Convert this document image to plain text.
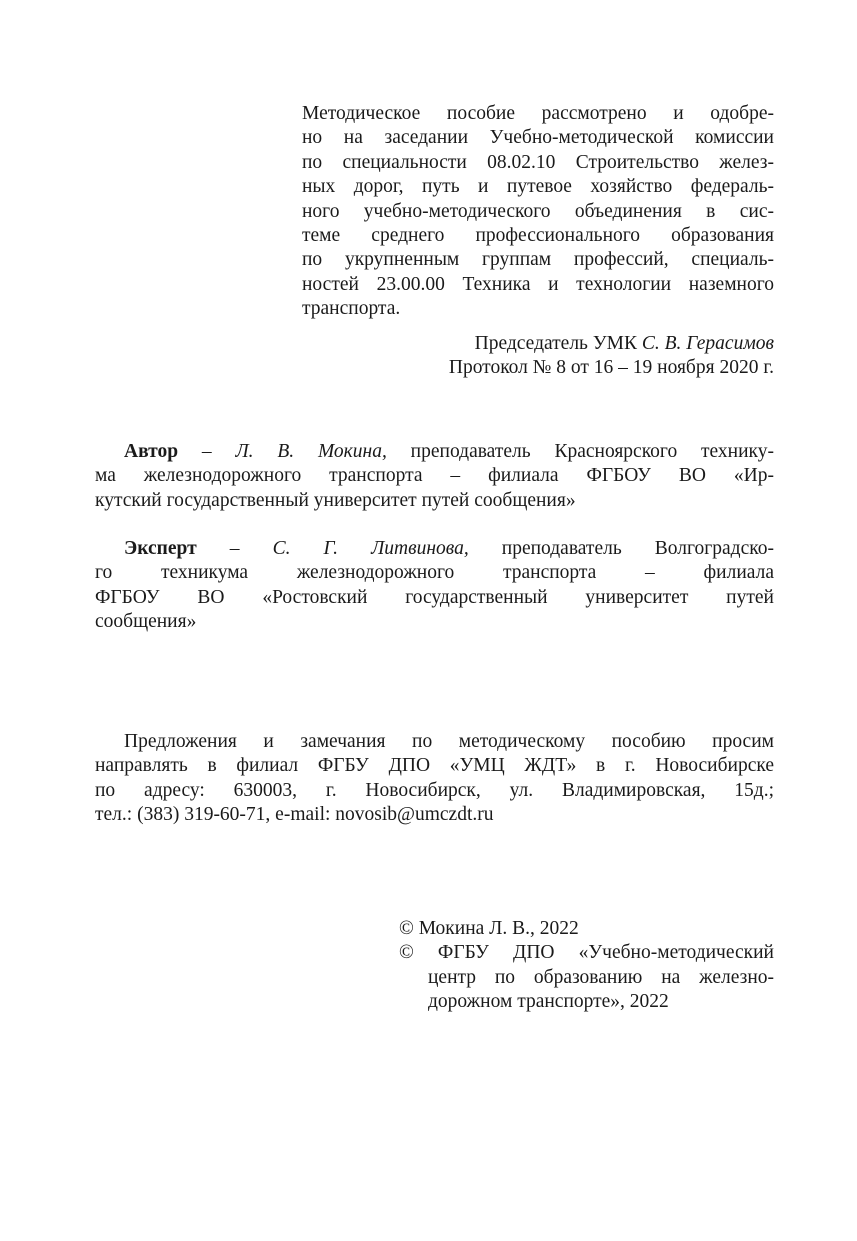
Методическое пособие рассмотрено и одобре-
но на заседании Учебно-методической комиссии
по специальности 08.02.10 Строительство желез-
ных дорог, путь и путевое хозяйство федераль-
ного учебно-методического объединения в сис-
теме среднего профессионального образования
по укрупненным группам профессий, специаль-
ностей 23.00.00 Техника и технологии наземного
транспорта.
Председатель УМК С. В. Герасимов
Протокол № 8 от 16 – 19 ноября 2020 г.
Автор – Л. В. Мокина, преподаватель Красноярского технику-
ма железнодорожного транспорта – филиала ФГБОУ ВО «Ир-
кутский государственный университет путей сообщения»
Эксперт – С. Г. Литвинова, преподаватель Волгоградско-
го техникума железнодорожного транспорта – филиала
ФГБОУ ВО «Ростовский государственный университет путей
сообщения»
Предложения и замечания по методическому пособию просим
направлять в филиал ФГБУ ДПО «УМЦ ЖДТ» в г. Новосибирске
по адресу: 630003, г. Новосибирск, ул. Владимировская, 15д.;
тел.: (383) 319-60-71, e-mail: novosib@umczdt.ru
© Мокина Л. В., 2022
© ФГБУ ДПО «Учебно-методический
центр по образованию на железно-
дорожном транспорте», 2022
